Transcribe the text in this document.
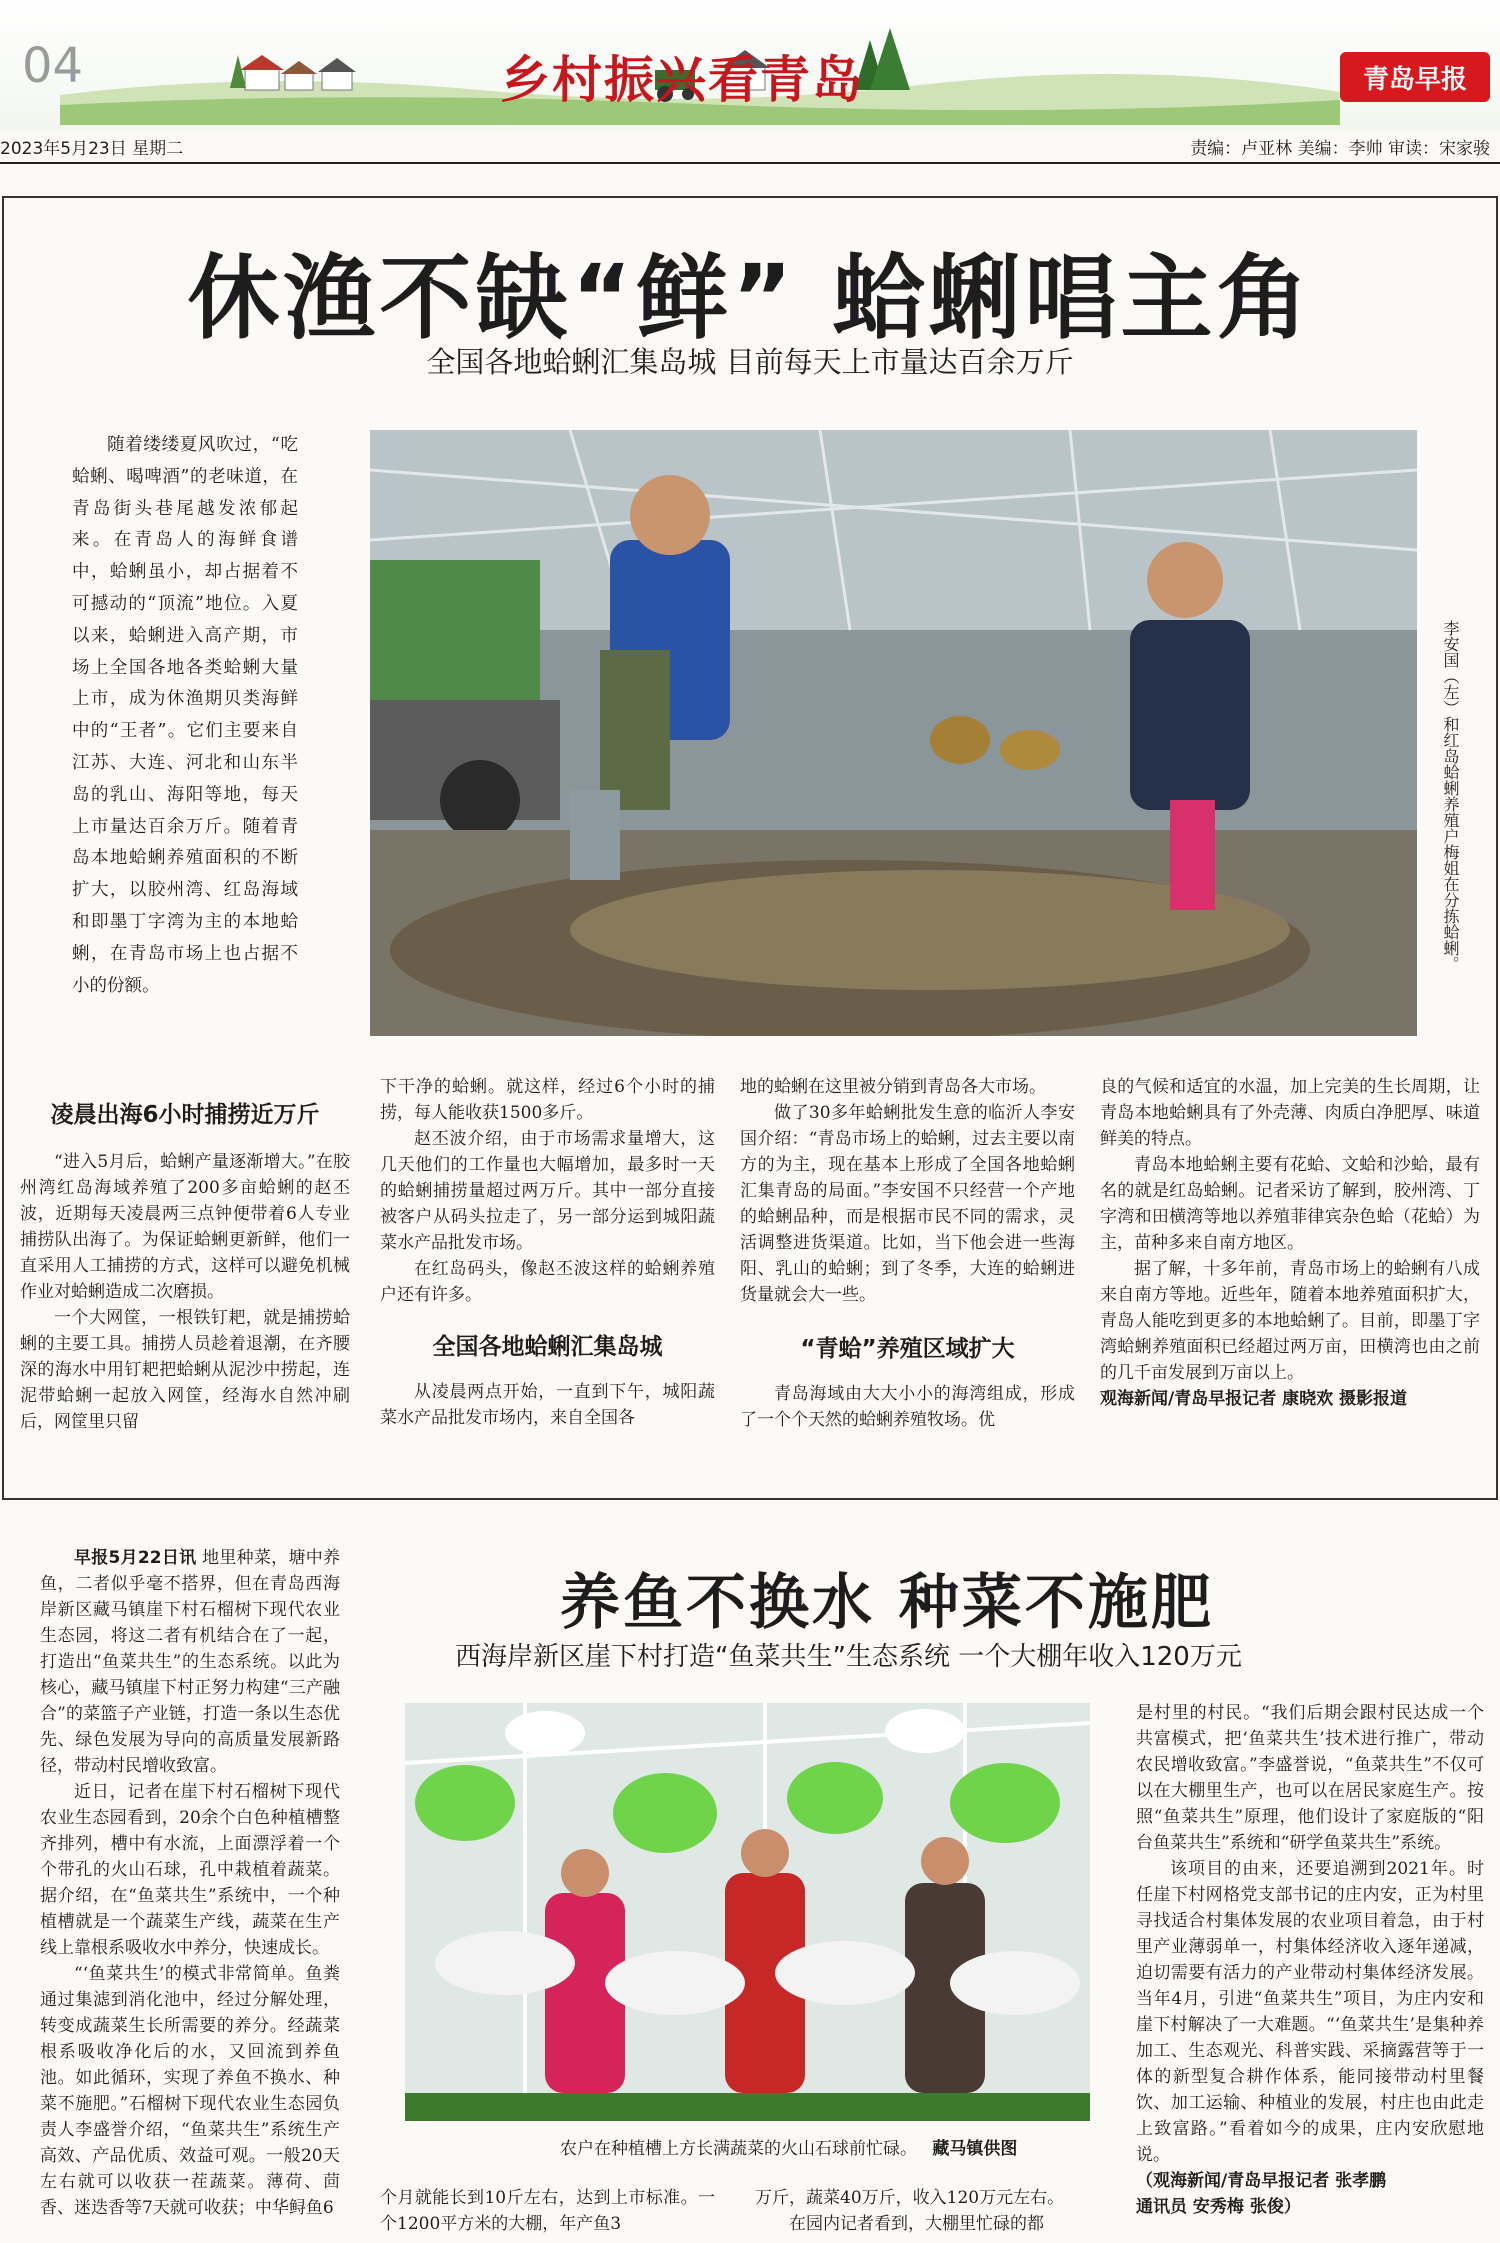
04	乡村振兴看青岛	青岛早报
2023年5月23日 星期二	责编：卢亚林 美编：李帅 审读：宋家骏
休渔不缺“鲜” 蛤蜊唱主角
全国各地蛤蜊汇集岛城 目前每天上市量达百余万斤

随着缕缕夏风吹过，“吃蛤蜊、喝啤酒”的老味道，在青岛街头巷尾越发浓郁起来。在青岛人的海鲜食谱中，蛤蜊虽小，却占据着不可撼动的“顶流”地位。入夏以来，蛤蜊进入高产期，市场上全国各地各类蛤蜊大量上市，成为休渔期贝类海鲜中的“王者”。它们主要来自江苏、大连、河北和山东半岛的乳山、海阳等地，每天上市量达百余万斤。随着青岛本地蛤蜊养殖面积的不断扩大，以胶州湾、红岛海域和即墨丁字湾为主的本地蛤蜊，在青岛市场上也占据不小的份额。

李安国（左）和红岛蛤蜊养殖户梅姐在分拣蛤蜊。
凌晨出海6小时捕捞近万斤

“进入5月后，蛤蜊产量逐渐增大。”在胶州湾红岛海域养殖了200多亩蛤蜊的赵丕波，近期每天凌晨两三点钟便带着6人专业捕捞队出海了。为保证蛤蜊更新鲜，他们一直采用人工捕捞的方式，这样可以避免机械作业对蛤蜊造成二次磨损。

一个大网筐，一根铁钉耙，就是捕捞蛤蜊的主要工具。捕捞人员趁着退潮，在齐腰深的海水中用钉耙把蛤蜊从泥沙中捞起，连泥带蛤蜊一起放入网筐，经海水自然冲刷后，网筐里只留

下干净的蛤蜊。就这样，经过6个小时的捕捞，每人能收获1500多斤。

赵丕波介绍，由于市场需求量增大，这几天他们的工作量也大幅增加，最多时一天的蛤蜊捕捞量超过两万斤。其中一部分直接被客户从码头拉走了，另一部分运到城阳蔬菜水产品批发市场。

在红岛码头，像赵丕波这样的蛤蜊养殖户还有许多。

全国各地蛤蜊汇集岛城

从凌晨两点开始，一直到下午，城阳蔬菜水产品批发市场内，来自全国各

地的蛤蜊在这里被分销到青岛各大市场。

做了30多年蛤蜊批发生意的临沂人李安国介绍：“青岛市场上的蛤蜊，过去主要以南方的为主，现在基本上形成了全国各地蛤蜊汇集青岛的局面。”李安国不只经营一个产地的蛤蜊品种，而是根据市民不同的需求，灵活调整进货渠道。比如，当下他会进一些海阳、乳山的蛤蜊；到了冬季，大连的蛤蜊进货量就会大一些。

“青蛤”养殖区域扩大

青岛海域由大大小小的海湾组成，形成了一个个天然的蛤蜊养殖牧场。优

良的气候和适宜的水温，加上完美的生长周期，让青岛本地蛤蜊具有了外壳薄、肉质白净肥厚、味道鲜美的特点。

青岛本地蛤蜊主要有花蛤、文蛤和沙蛤，最有名的就是红岛蛤蜊。记者采访了解到，胶州湾、丁字湾和田横湾等地以养殖菲律宾杂色蛤（花蛤）为主，苗种多来自南方地区。

据了解，十多年前，青岛市场上的蛤蜊有八成来自南方等地。近些年，随着本地养殖面积扩大，青岛人能吃到更多的本地蛤蜊了。目前，即墨丁字湾蛤蜊养殖面积已经超过两万亩，田横湾也由之前的几千亩发展到万亩以上。

观海新闻/青岛早报记者 康晓欢 摄影报道

养鱼不换水 种菜不施肥
西海岸新区崖下村打造“鱼菜共生”生态系统 一个大棚年收入120万元

早报5月22日讯 地里种菜，塘中养鱼，二者似乎毫不搭界，但在青岛西海岸新区藏马镇崖下村石榴树下现代农业生态园，将这二者有机结合在了一起，打造出“鱼菜共生”的生态系统。以此为核心，藏马镇崖下村正努力构建“三产融合”的菜篮子产业链，打造一条以生态优先、绿色发展为导向的高质量发展新路径，带动村民增收致富。

近日，记者在崖下村石榴树下现代农业生态园看到，20余个白色种植槽整齐排列，槽中有水流，上面漂浮着一个个带孔的火山石球，孔中栽植着蔬菜。据介绍，在“鱼菜共生”系统中，一个种植槽就是一个蔬菜生产线，蔬菜在生产线上靠根系吸收水中养分，快速成长。

“‘鱼菜共生’的模式非常简单。鱼粪通过集滤到消化池中，经过分解处理，转变成蔬菜生长所需要的养分。经蔬菜根系吸收净化后的水，又回流到养鱼池。如此循环，实现了养鱼不换水、种菜不施肥。”石榴树下现代农业生态园负责人李盛誉介绍，“鱼菜共生”系统生产高效、产品优质、效益可观。一般20天左右就可以收获一茬蔬菜。薄荷、茴香、迷迭香等7天就可收获；中华鲟鱼6

农户在种植槽上方长满蔬菜的火山石球前忙碌。 藏马镇供图

个月就能长到10斤左右，达到上市标准。一个1200平方米的大棚，年产鱼3

万斤，蔬菜40万斤，收入120万元左右。

在园内记者看到，大棚里忙碌的都

是村里的村民。“我们后期会跟村民达成一个共富模式，把‘鱼菜共生’技术进行推广，带动农民增收致富。”李盛誉说，“鱼菜共生”不仅可以在大棚里生产，也可以在居民家庭生产。按照“鱼菜共生”原理，他们设计了家庭版的“阳台鱼菜共生”系统和“研学鱼菜共生”系统。

该项目的由来，还要追溯到2021年。时任崖下村网格党支部书记的庄内安，正为村里寻找适合村集体发展的农业项目着急，由于村里产业薄弱单一，村集体经济收入逐年递减，迫切需要有活力的产业带动村集体经济发展。当年4月，引进“鱼菜共生”项目，为庄内安和崖下村解决了一大难题。“‘鱼菜共生’是集种养加工、生态观光、科普实践、采摘露营等于一体的新型复合耕作体系，能同接带动村里餐饮、加工运输、种植业的发展，村庄也由此走上致富路。”看着如今的成果，庄内安欣慰地说。

（观海新闻/青岛早报记者 张孝鹏

通讯员 安秀梅 张俊）
